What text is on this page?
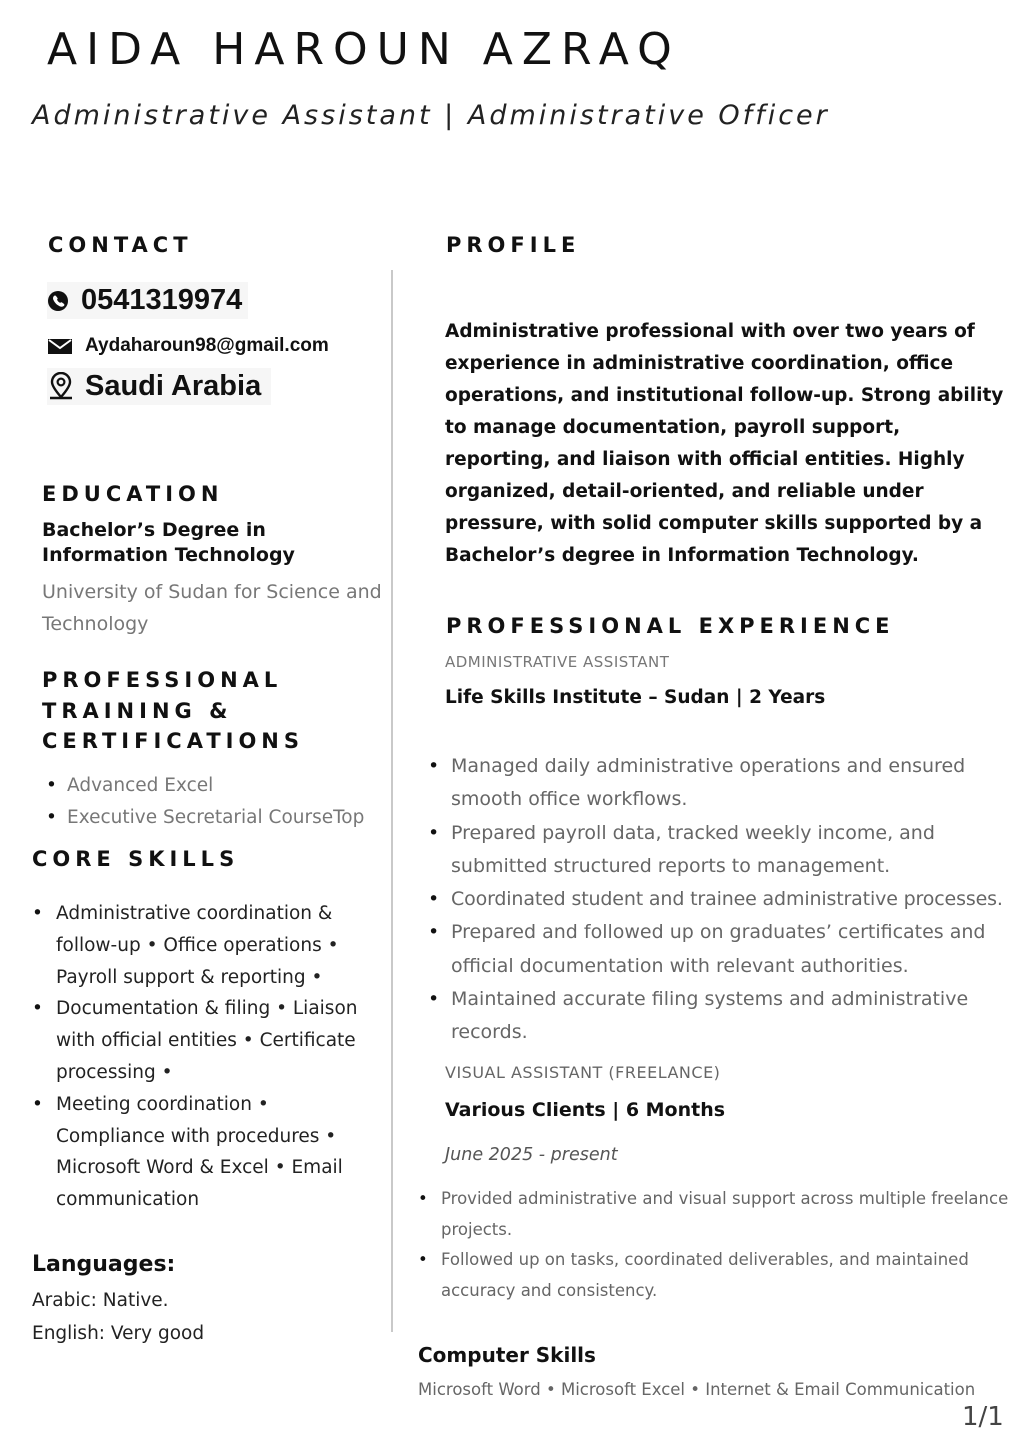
AIDA HAROUN AZRAQ
Administrative Assistant | Administrative Officer
CONTACT
0541319974
Aydaharoun98@gmail.com
Saudi Arabia
EDUCATION
Bachelor’s Degree in Information Technology
University of Sudan for Science and Technology
PROFESSIONAL
TRAINING &
CERTIFICATIONS
• Advanced Excel
• Executive Secretarial CourseTop
CORE SKILLS
• Administrative coordination & follow-up • Office operations • Payroll support & reporting •
• Documentation & filing • Liaison with official entities • Certificate processing •
• Meeting coordination • Compliance with procedures • Microsoft Word & Excel • Email communication
Languages:
Arabic: Native.
English: Very good
PROFILE
Administrative professional with over two years of experience in administrative coordination, office operations, and institutional follow-up. Strong ability to manage documentation, payroll support, reporting, and liaison with official entities. Highly organized, detail-oriented, and reliable under pressure, with solid computer skills supported by a Bachelor’s degree in Information Technology.
PROFESSIONAL EXPERIENCE
ADMINISTRATIVE ASSISTANT
Life Skills Institute – Sudan | 2 Years
• Managed daily administrative operations and ensured smooth office workflows.
• Prepared payroll data, tracked weekly income, and submitted structured reports to management.
• Coordinated student and trainee administrative processes.
• Prepared and followed up on graduates’ certificates and official documentation with relevant authorities.
• Maintained accurate filing systems and administrative records.
VISUAL ASSISTANT (FREELANCE)
Various Clients | 6 Months
June 2025 - present
• Provided administrative and visual support across multiple freelance projects.
• Followed up on tasks, coordinated deliverables, and maintained accuracy and consistency.
Computer Skills
Microsoft Word • Microsoft Excel • Internet & Email Communication
1/1
